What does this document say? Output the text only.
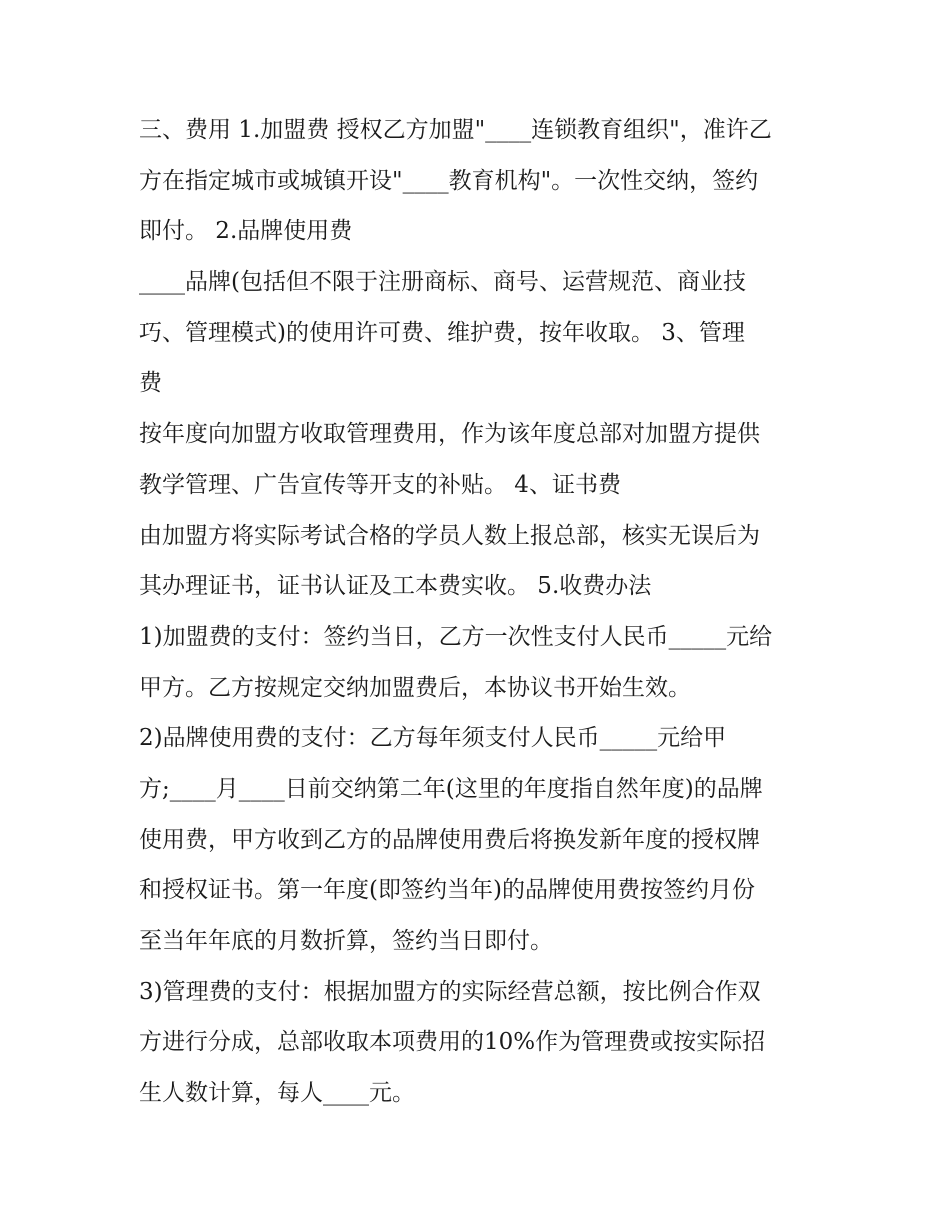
三、费用 1.加盟费 授权乙方加盟"____连锁教育组织"，准许乙
方在指定城市或城镇开设"____教育机构"。一次性交纳，签约
即付。 2.品牌使用费
____品牌(包括但不限于注册商标、商号、运营规范、商业技
巧、管理模式)的使用许可费、维护费，按年收取。 3、管理
费
按年度向加盟方收取管理费用，作为该年度总部对加盟方提供
教学管理、广告宣传等开支的补贴。 4、证书费
由加盟方将实际考试合格的学员人数上报总部，核实无误后为
其办理证书，证书认证及工本费实收。 5.收费办法
1)加盟费的支付：签约当日，乙方一次性支付人民币_____元给
甲方。乙方按规定交纳加盟费后，本协议书开始生效。
2)品牌使用费的支付：乙方每年须支付人民币_____元给甲
方;____月____日前交纳第二年(这里的年度指自然年度)的品牌
使用费，甲方收到乙方的品牌使用费后将换发新年度的授权牌
和授权证书。第一年度(即签约当年)的品牌使用费按签约月份
至当年年底的月数折算，签约当日即付。
3)管理费的支付：根据加盟方的实际经营总额，按比例合作双
方进行分成，总部收取本项费用的10%作为管理费或按实际招
生人数计算，每人____元。
